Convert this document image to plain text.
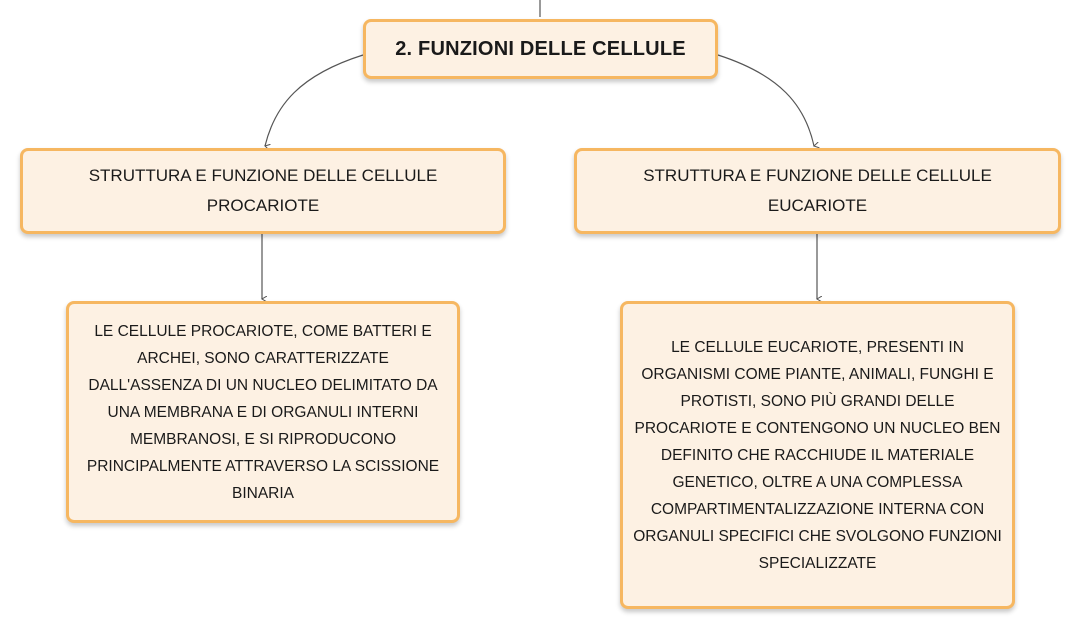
2. FUNZIONI DELLE CELLULE
STRUTTURA E FUNZIONE DELLE CELLULE PROCARIOTE
STRUTTURA E FUNZIONE DELLE CELLULE EUCARIOTE
LE CELLULE PROCARIOTE, COME BATTERI E ARCHEI, SONO CARATTERIZZATE DALL'ASSENZA DI UN NUCLEO DELIMITATO DA UNA MEMBRANA E DI ORGANULI INTERNI MEMBRANOSI, E SI RIPRODUCONO PRINCIPALMENTE ATTRAVERSO LA SCISSIONE BINARIA
LE CELLULE EUCARIOTE, PRESENTI IN ORGANISMI COME PIANTE, ANIMALI, FUNGHI E PROTISTI, SONO PIÙ GRANDI DELLE PROCARIOTE E CONTENGONO UN NUCLEO BEN DEFINITO CHE RACCHIUDE IL MATERIALE GENETICO, OLTRE A UNA COMPLESSA COMPARTIMENTALIZZAZIONE INTERNA CON ORGANULI SPECIFICI CHE SVOLGONO FUNZIONI SPECIALIZZATE
